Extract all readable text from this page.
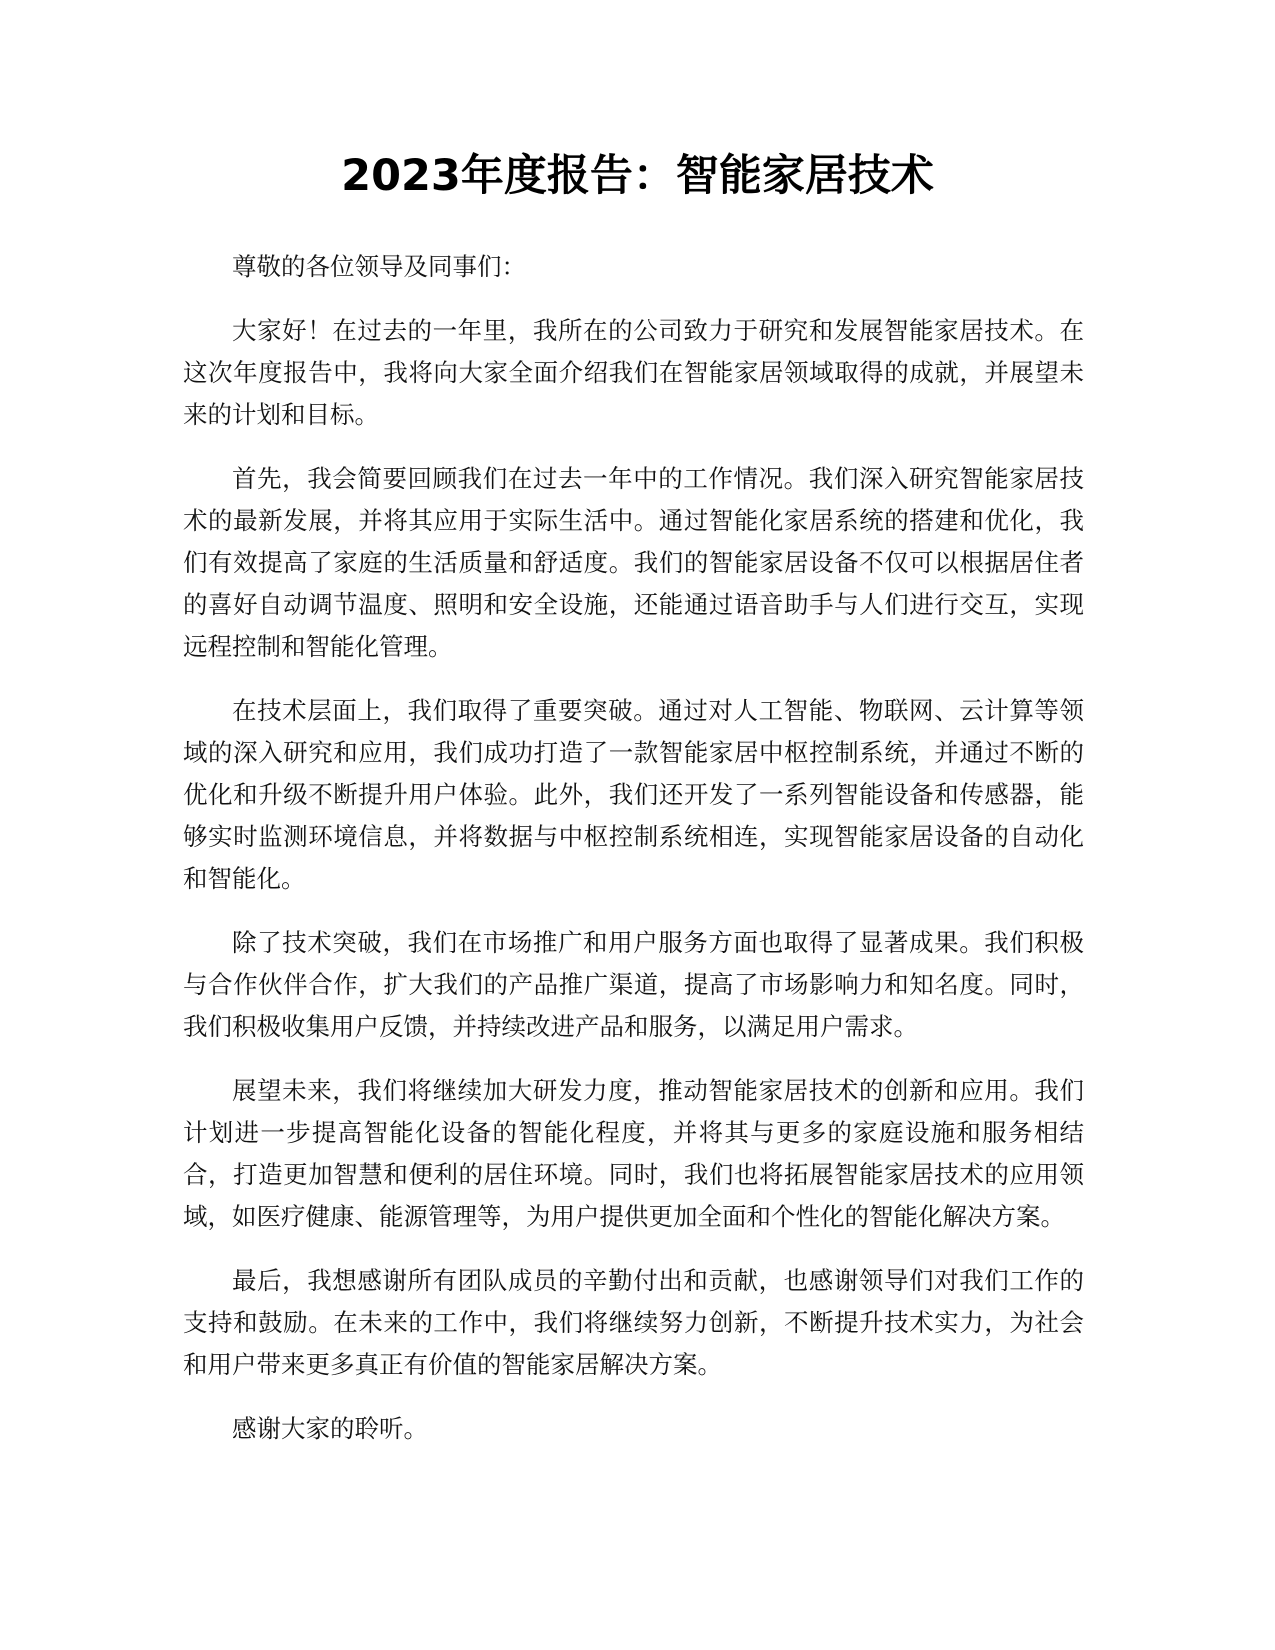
2023年度报告：智能家居技术

尊敬的各位领导及同事们：

大家好！在过去的一年里，我所在的公司致力于研究和发展智能家居技术。在这次年度报告中，我将向大家全面介绍我们在智能家居领域取得的成就，并展望未来的计划和目标。

首先，我会简要回顾我们在过去一年中的工作情况。我们深入研究智能家居技术的最新发展，并将其应用于实际生活中。通过智能化家居系统的搭建和优化，我们有效提高了家庭的生活质量和舒适度。我们的智能家居设备不仅可以根据居住者的喜好自动调节温度、照明和安全设施，还能通过语音助手与人们进行交互，实现远程控制和智能化管理。

在技术层面上，我们取得了重要突破。通过对人工智能、物联网、云计算等领域的深入研究和应用，我们成功打造了一款智能家居中枢控制系统，并通过不断的优化和升级不断提升用户体验。此外，我们还开发了一系列智能设备和传感器，能够实时监测环境信息，并将数据与中枢控制系统相连，实现智能家居设备的自动化和智能化。

除了技术突破，我们在市场推广和用户服务方面也取得了显著成果。我们积极与合作伙伴合作，扩大我们的产品推广渠道，提高了市场影响力和知名度。同时，我们积极收集用户反馈，并持续改进产品和服务，以满足用户需求。

展望未来，我们将继续加大研发力度，推动智能家居技术的创新和应用。我们计划进一步提高智能化设备的智能化程度，并将其与更多的家庭设施和服务相结合，打造更加智慧和便利的居住环境。同时，我们也将拓展智能家居技术的应用领域，如医疗健康、能源管理等，为用户提供更加全面和个性化的智能化解决方案。

最后，我想感谢所有团队成员的辛勤付出和贡献，也感谢领导们对我们工作的支持和鼓励。在未来的工作中，我们将继续努力创新，不断提升技术实力，为社会和用户带来更多真正有价值的智能家居解决方案。

感谢大家的聆听。
